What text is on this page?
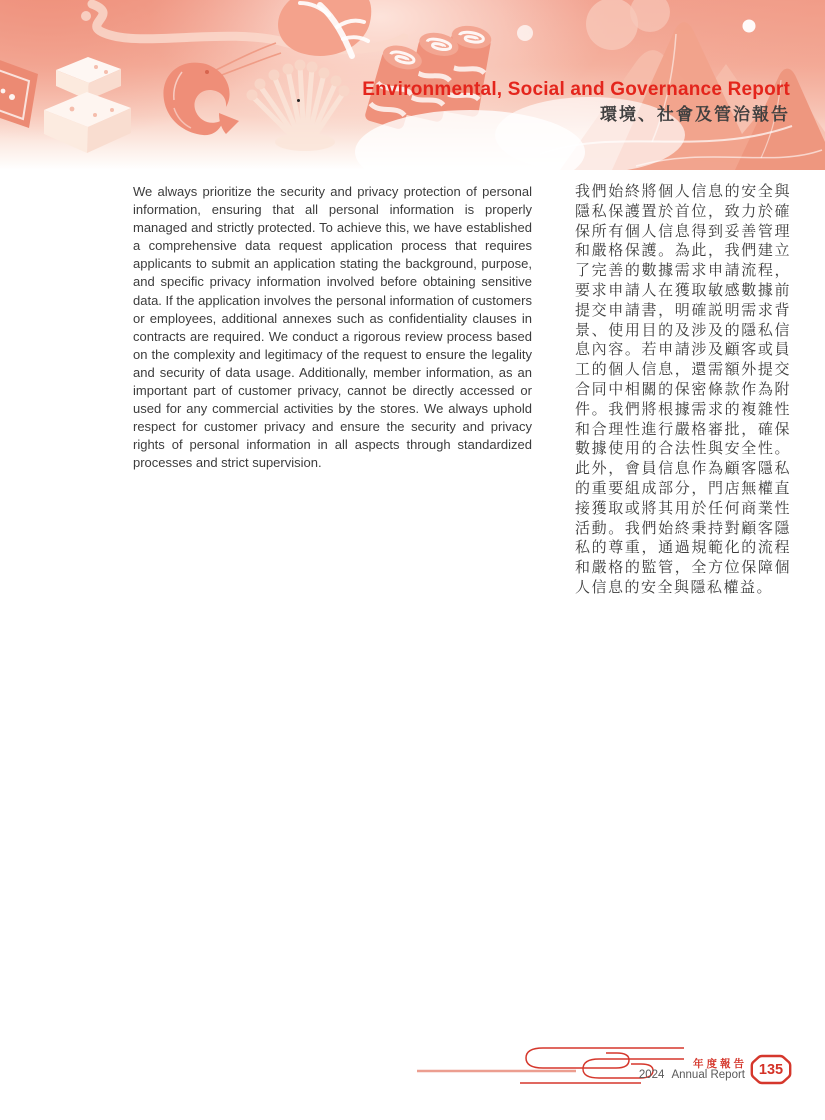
Environmental, Social and Governance Report
環境、社會及管治報告
We always prioritize the security and privacy protection of personal information, ensuring that all personal information is properly managed and strictly protected. To achieve this, we have established a comprehensive data request application process that requires applicants to submit an application stating the background, purpose, and specific privacy information involved before obtaining sensitive data. If the application involves the personal information of customers or employees, additional annexes such as confidentiality clauses in contracts are required. We conduct a rigorous review process based on the complexity and legitimacy of the request to ensure the legality and security of data usage. Additionally, member information, as an important part of customer privacy, cannot be directly accessed or used for any commercial activities by the stores. We always uphold respect for customer privacy and ensure the security and privacy rights of personal information in all aspects through standardized processes and strict supervision.
我們始終將個人信息的安全與隱私保護置於首位，致力於確保所有個人信息得到妥善管理和嚴格保護。為此，我們建立了完善的數據需求申請流程，要求申請人在獲取敏感數據前提交申請書，明確説明需求背景、使用目的及涉及的隱私信息內容。若申請涉及顧客或員工的個人信息，還需額外提交合同中相關的保密條款作為附件。我們將根據需求的複雜性和合理性進行嚴格審批，確保數據使用的合法性與安全性。此外，會員信息作為顧客隱私的重要組成部分，門店無權直接獲取或將其用於任何商業性活動。我們始終秉持對顧客隱私的尊重，通過規範化的流程和嚴格的監管，全方位保障個人信息的安全與隱私權益。
年度報告
2024 Annual Report 135
